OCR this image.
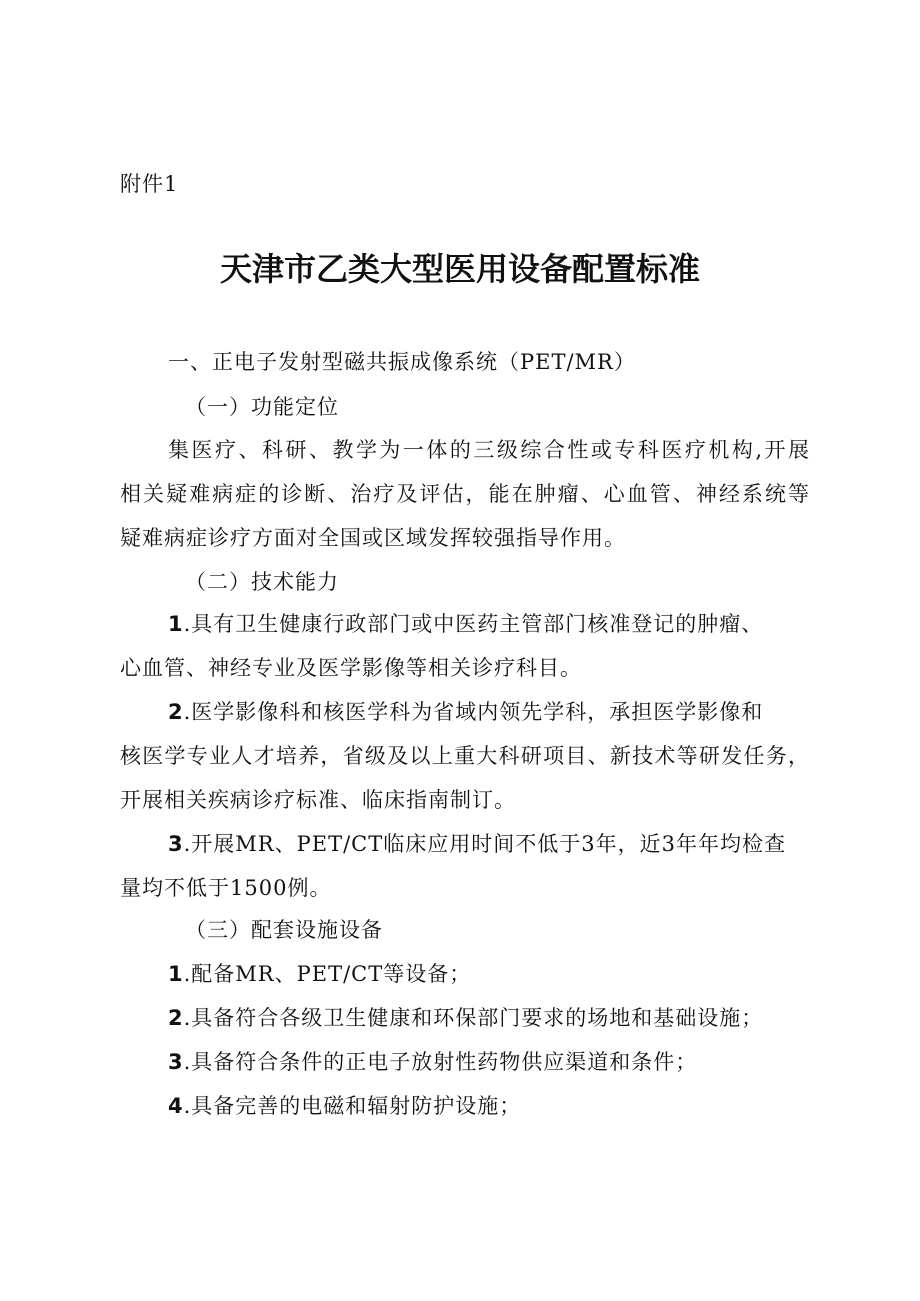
附件1
天津市乙类大型医用设备配置标准
一、正电子发射型磁共振成像系统（PET/MR）
（一）功能定位
集医疗、科研、教学为一体的三级综合性或专科医疗机构,开展
相关疑难病症的诊断、治疗及评估，能在肿瘤、心血管、神经系统等
疑难病症诊疗方面对全国或区域发挥较强指导作用。
（二）技术能力
1.具有卫生健康行政部门或中医药主管部门核准登记的肿瘤、
心血管、神经专业及医学影像等相关诊疗科目。
2.医学影像科和核医学科为省域内领先学科，承担医学影像和
核医学专业人才培养，省级及以上重大科研项目、新技术等研发任务，
开展相关疾病诊疗标准、临床指南制订。
3.开展MR、PET/CT临床应用时间不低于3年，近3年年均检查
量均不低于1500例。
（三）配套设施设备
1.配备MR、PET/CT等设备；
2.具备符合各级卫生健康和环保部门要求的场地和基础设施；
3.具备符合条件的正电子放射性药物供应渠道和条件；
4.具备完善的电磁和辐射防护设施；
